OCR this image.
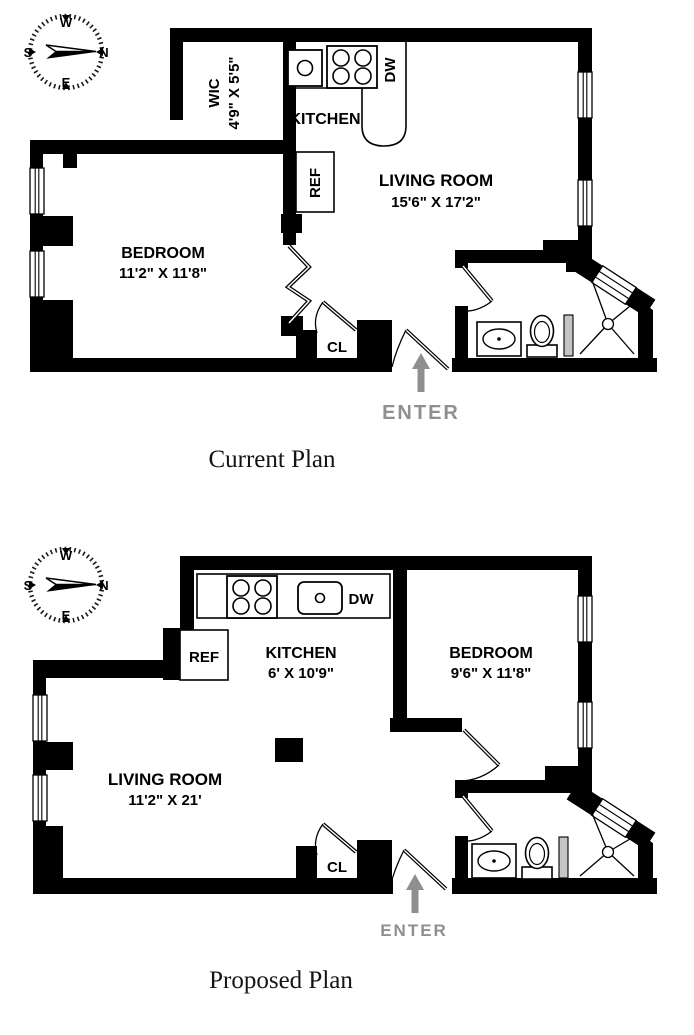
W
N
S
E
KITCHEN
WIC 4'9" X 5'5"
REF
DW
LIVING ROOM
15'6" X 17'2"
BEDROOM
11'2" X 11'8"
CL
ENTER
Current Plan
W
N
S
E
REF	KITCHEN
6' X 10'9"
DW
BEDROOM
9'6" X 11'8"
LIVING ROOM
11'2" X 21'
CL
ENTER
Proposed Plan
